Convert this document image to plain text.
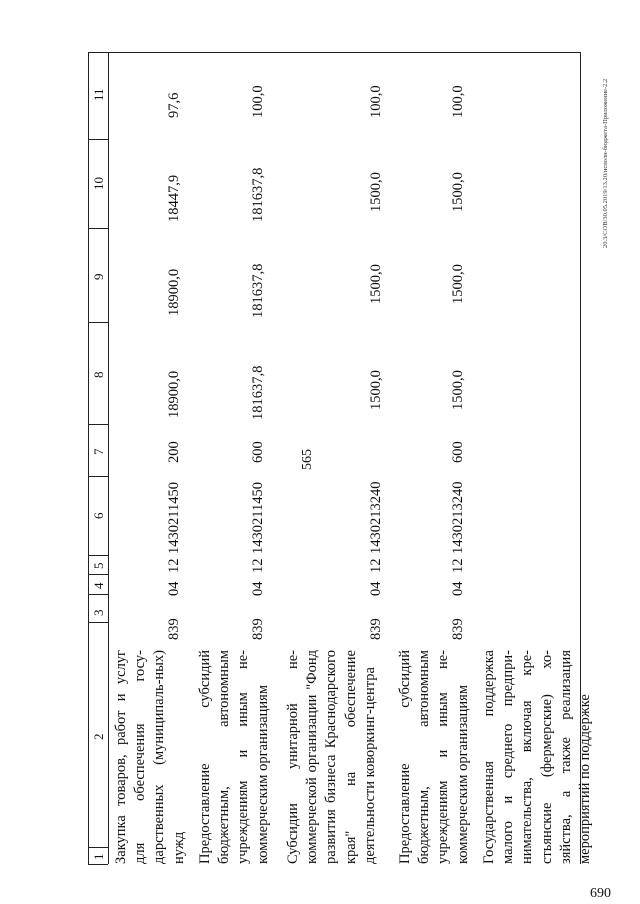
565
690
20.3/СОВ/30.05.2019/13.20/исполн-бюджета-Приложение-2.2
1
2
3
4
5
6
7
8
9
10
11
Закупка товаров, работ и услуг для обеспечения госу-дарственных (муниципаль-ных) нужд
839
04
12
1430211450
200
18900,0
18900,0
18447,9
97,6
Предоставление субсидий бюджетным, автономным учреждениям и иным не-коммерческим организациям
839
04
12
1430211450
600
181637,8
181637,8
181637,8
100,0
Субсидии унитарной не-коммерческой организации "Фонд развития бизнеса Краснодарского края" на обеспечение деятельности коворкинг-центра
839
04
12
1430213240
1500,0
1500,0
1500,0
100,0
Предоставление субсидий бюджетным, автономным учреждениям и иным не-коммерческим организациям
839
04
12
1430213240
600
1500,0
1500,0
1500,0
100,0
Государственная поддержка малого и среднего предпри-нимательства, включая кре-стьянские (фермерские) хо-зяйства, а также реализация мероприятий по поддержке
